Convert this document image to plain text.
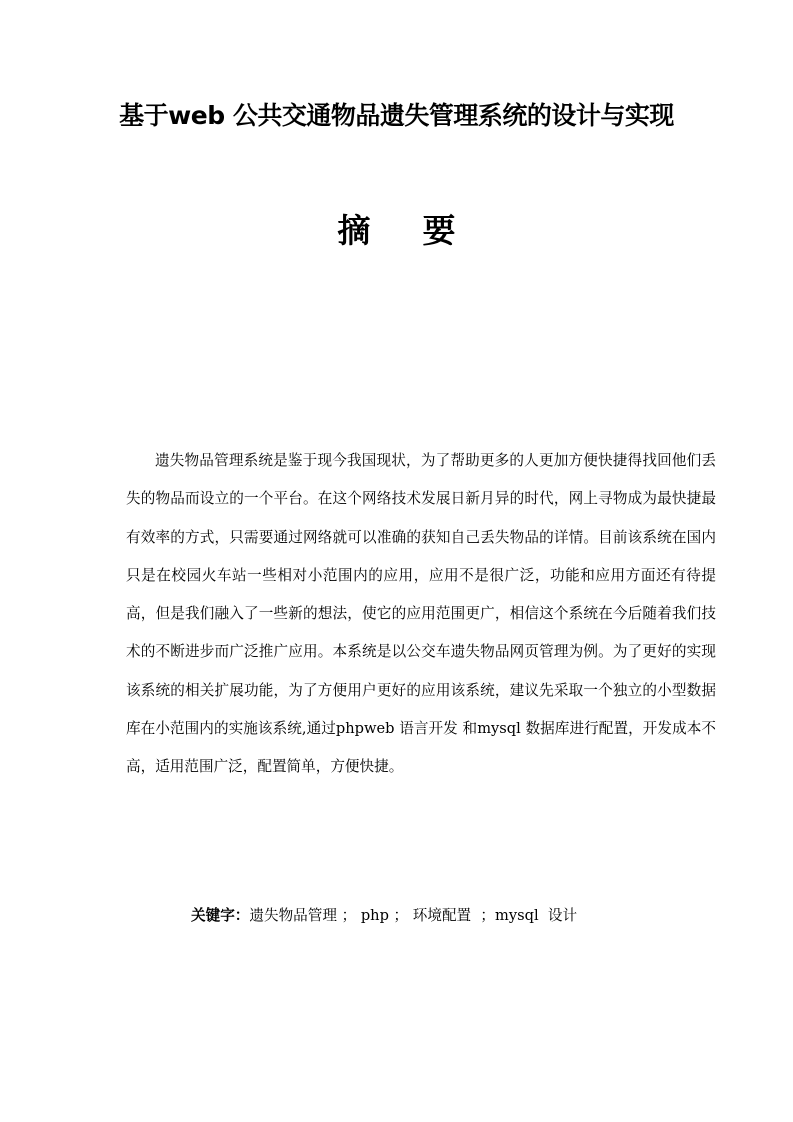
基于web 公共交通物品遗失管理系统的设计与实现
摘要

遗失物品管理系统是鉴于现今我国现状，为了帮助更多的人更加方便快捷得找回他们丢失的物品而设立的一个平台。在这个网络技术发展日新月异的时代，网上寻物成为最快捷最有效率的方式，只需要通过网络就可以准确的获知自己丢失物品的详情。目前该系统在国内只是在校园火车站一些相对小范围内的应用，应用不是很广泛，功能和应用方面还有待提高，但是我们融入了一些新的想法，使它的应用范围更广，相信这个系统在今后随着我们技术的不断进步而广泛推广应用。本系统是以公交车遗失物品网页管理为例。为了更好的实现该系统的相关扩展功能，为了方便用户更好的应用该系统，建议先采取一个独立的小型数据库在小范围内的实施该系统,通过phpweb 语言开发 和mysql 数据库进行配置，开发成本不高，适用范围广泛，配置简单，方便快捷。

关键字：遗失物品管理 ； php ； 环境配置  ；mysql  设计
